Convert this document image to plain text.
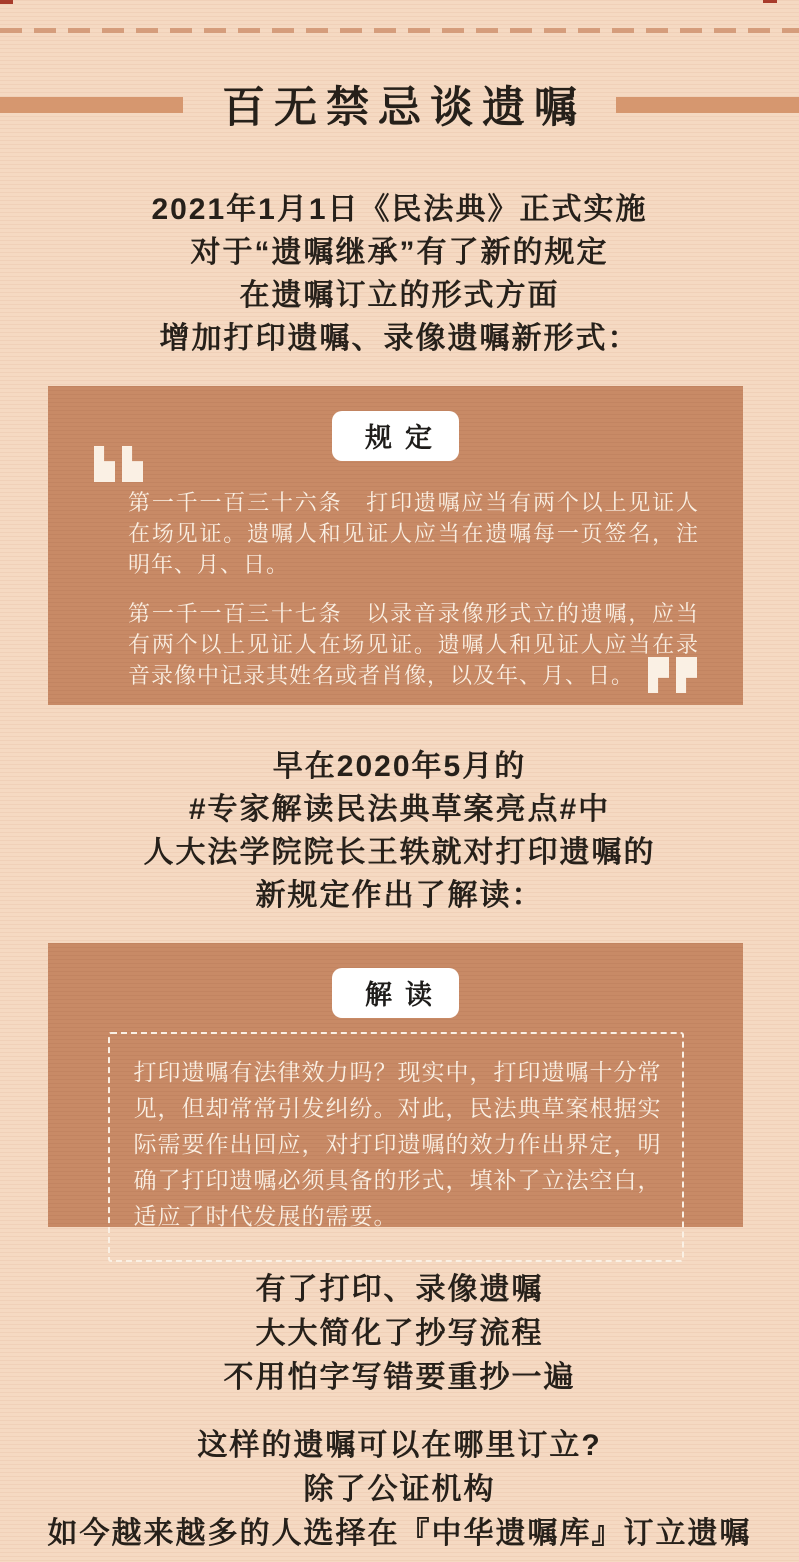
百无禁忌谈遗嘱
2021年1月1日《民法典》正式实施
对于“遗嘱继承”有了新的规定
在遗嘱订立的形式方面
增加打印遗嘱、录像遗嘱新形式：
规定

第一千一百三十六条　打印遗嘱应当有两个以上见证人在场见证。遗嘱人和见证人应当在遗嘱每一页签名，注明年、月、日。

第一千一百三十七条　以录音录像形式立的遗嘱，应当有两个以上见证人在场见证。遗嘱人和见证人应当在录音录像中记录其姓名或者肖像，以及年、月、日。

早在2020年5月的
#专家解读民法典草案亮点#中
人大法学院院长王轶就对打印遗嘱的
新规定作出了解读：
解读

打印遗嘱有法律效力吗？现实中，打印遗嘱十分常见，但却常常引发纠纷。对此，民法典草案根据实际需要作出回应，对打印遗嘱的效力作出界定，明确了打印遗嘱必须具备的形式，填补了立法空白，适应了时代发展的需要。

有了打印、录像遗嘱
大大简化了抄写流程
不用怕字写错要重抄一遍
这样的遗嘱可以在哪里订立?
除了公证机构
如今越来越多的人选择在『中华遗嘱库』订立遗嘱
